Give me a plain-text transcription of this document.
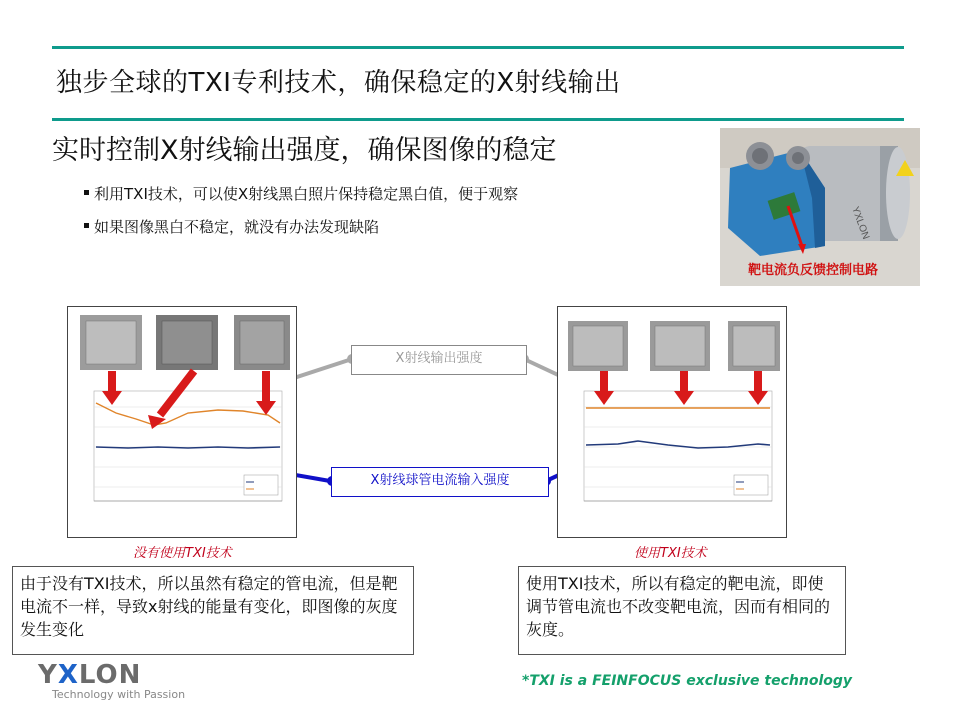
独步全球的TXI专利技术，确保稳定的X射线输出
实时控制X射线输出强度，确保图像的稳定
利用TXI技术，可以使X射线黑白照片保持稳定黑白值，便于观察
如果图像黑白不稳定，就没有办法发现缺陷	YXLON
靶电流负反馈控制电路
X射线输出强度
X射线球管电流输入强度
没有使用TXI技术	使用TXI技术
由于没有TXI技术，所以虽然有稳定的管电流，但是靶电流不一样，导致x射线的能量有变化，即图像的灰度发生变化
使用TXI技术，所以有稳定的靶电流，即使调节管电流也不改变靶电流，因而有相同的灰度。
YXLON
Technology with Passion
*TXI is a FEINFOCUS exclusive technology
